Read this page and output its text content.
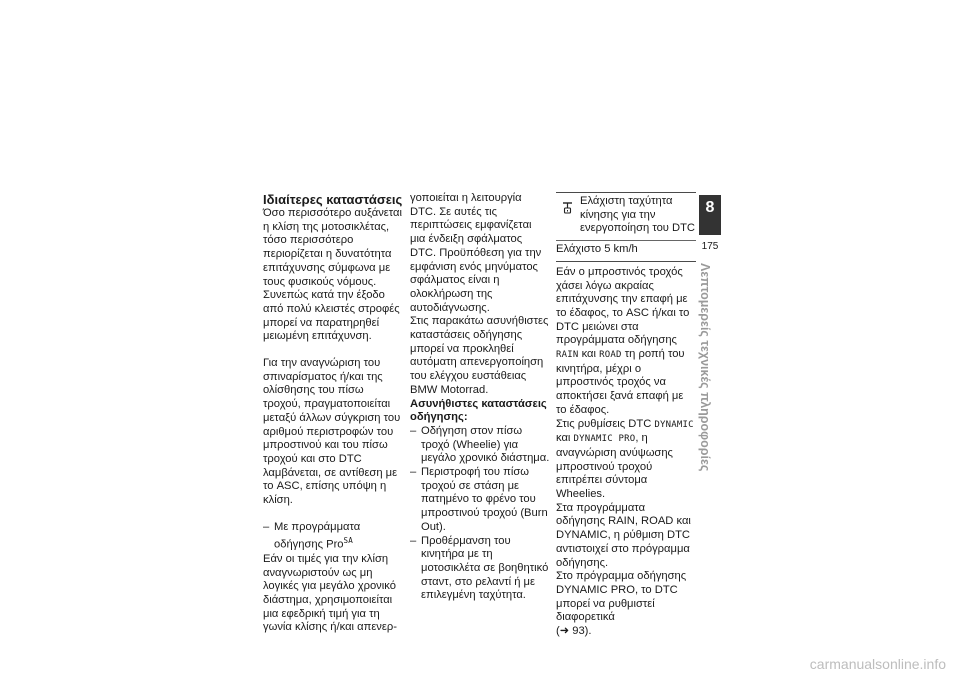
Ιδιαίτερες καταστάσεις

Όσο περισσότερο αυξάνεται η κλίση της μοτοσικλέτας, τόσο περισσότερο περιορίζεται η δυνατότητα επιτάχυνσης σύμφωνα με τους φυσικούς νόμους. Συνεπώς κατά την έξοδο από πολύ κλειστές στροφές μπορεί να παρατηρηθεί μειωμένη επιτάχυνση.

Για την αναγνώριση του σπιναρίσματος ή/και της ολίσθησης του πίσω τροχού, πραγματοποιείται μεταξύ άλλων σύγκριση του αριθμού περιστροφών του μπροστινού και του πίσω τροχού και στο DTC λαμβάνεται, σε αντίθεση με το ASC, επίσης υπόψη η κλίση.

– Με προγράμματα οδήγησης Pro$^{SA}$

Εάν οι τιμές για την κλίση αναγνωριστούν ως μη λογικές για μεγάλο χρονικό διάστημα, χρησιμοποιείται μια εφεδρική τιμή για τη γωνία κλίσης ή/και απενερ-

γοποιείται η λειτουργία DTC. Σε αυτές τις περιπτώσεις εμφανίζεται μια ένδειξη σφάλματος DTC. Προϋπόθεση για την εμφάνιση ενός μηνύματος σφάλματος είναι η ολοκλήρωση της αυτοδιάγνωσης.

Στις παρακάτω ασυνήθιστες καταστάσεις οδήγησης μπορεί να προκληθεί αυτόματη απενεργοποίηση του ελέγχου ευστάθειας BMW Motorrad.

Ασυνήθιστες καταστάσεις οδήγησης:

– Οδήγηση στον πίσω τροχό (Wheelie) για μεγάλο χρονικό διάστημα.
– Περιστροφή του πίσω τροχού σε στάση με πατημένο το φρένο του μπροστινού τροχού (Burn Out).
– Προθέρμανση του κινητήρα με τη μοτοσικλέτα σε βοηθητικό σταντ, στο ρελαντί ή με επιλεγμένη ταχύτητα.
Ελάχιστη ταχύτητα κίνησης για την ενεργοποίηση του DTC
Ελάχιστο 5 km/h

Εάν ο μπροστινός τροχός χάσει λόγω ακραίας επιτάχυνσης την επαφή με το έδαφος, το ASC ή/και το DTC μειώνει στα προγράμματα οδήγησης RAIN και ROAD τη ροπή του κινητήρα, μέχρι ο μπροστινός τροχός να αποκτήσει ξανά επαφή με το έδαφος.

Στις ρυθμίσεις DTC DYNAMIC και DYNAMIC PRO, η αναγνώριση ανύψωσης μπροστινού τροχού επιτρέπει σύντομα Wheelies.

Στα προγράμματα οδήγησης RAIN, ROAD και DYNAMIC, η ρύθμιση DTC αντιστοιχεί στο πρόγραμμα οδήγησης.

Στο πρόγραμμα οδήγησης DYNAMIC PRO, το DTC μπορεί να ρυθμιστεί διαφορετικά
(➜ 93).

8
175
Λεπτομερείς τεχνικές πληροφορίες
carmanualsonline.info
